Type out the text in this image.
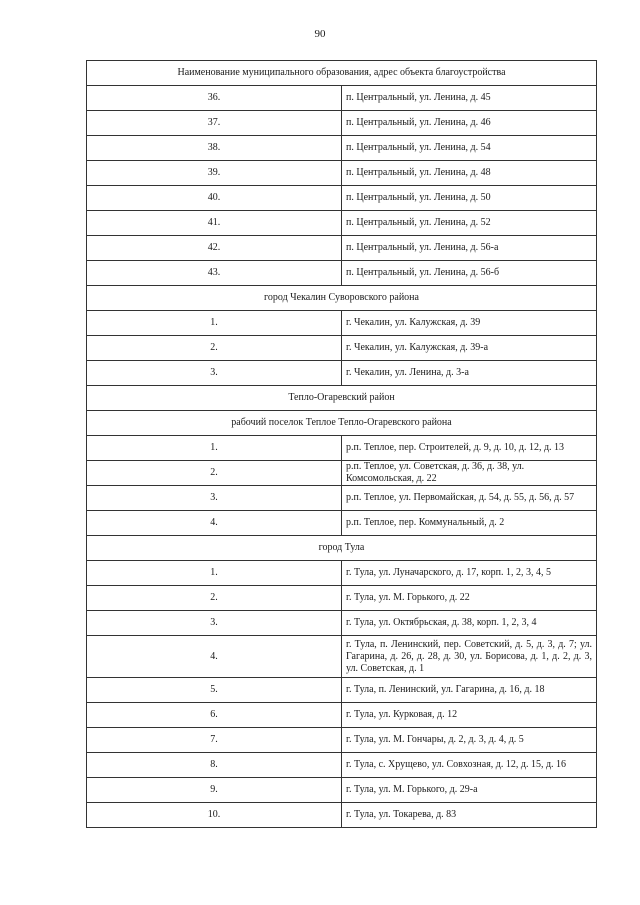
90
Наименование муниципального образования, адрес объекта благоустройства	
36.	п. Центральный, ул. Ленина, д. 45
37.	п. Центральный, ул. Ленина, д. 46
38.	п. Центральный, ул. Ленина, д. 54
39.	п. Центральный, ул. Ленина, д. 48
40.	п. Центральный, ул. Ленина, д. 50
41.	п. Центральный, ул. Ленина, д. 52
42.	п. Центральный, ул. Ленина, д. 56-а
43.	п. Центральный, ул. Ленина, д. 56-б
город Чекалин Суворовского района	
1.	г. Чекалин, ул. Калужская, д. 39
2.	г. Чекалин, ул. Калужская, д. 39-а
3.	г. Чекалин, ул. Ленина, д. 3-а
Тепло-Огаревский район	
рабочий поселок Теплое Тепло-Огаревского района	
1.	р.п. Теплое, пер. Строителей, д. 9, д. 10, д. 12, д. 13
2.	р.п. Теплое, ул. Советская, д. 36, д. 38, ул. Комсомольская, д. 22
3.	р.п. Теплое, ул. Первомайская, д. 54, д. 55, д. 56, д. 57
4.	р.п. Теплое, пер. Коммунальный, д. 2
город Тула	
1.	г. Тула, ул. Луначарского, д. 17, корп. 1, 2, 3, 4, 5
2.	г. Тула, ул. М. Горького, д. 22
3.	г. Тула, ул. Октябрьская, д. 38, корп. 1, 2, 3, 4
4.	г. Тула, п. Ленинский, пер. Советский, д. 5, д. 3, д. 7; ул. Гагарина, д. 26, д. 28, д. 30, ул. Борисова, д. 1, д. 2, д. 3, ул. Советская, д. 1
5.	г. Тула, п. Ленинский, ул. Гагарина, д. 16, д. 18
6.	г. Тула, ул. Курковая, д. 12
7.	г. Тула, ул. М. Гончары, д. 2, д. 3, д. 4, д. 5
8.	г. Тула, с. Хрущево, ул. Совхозная, д. 12, д. 15, д. 16
9.	г. Тула, ул. М. Горького, д. 29-а
10.	г. Тула, ул. Токарева, д. 83
